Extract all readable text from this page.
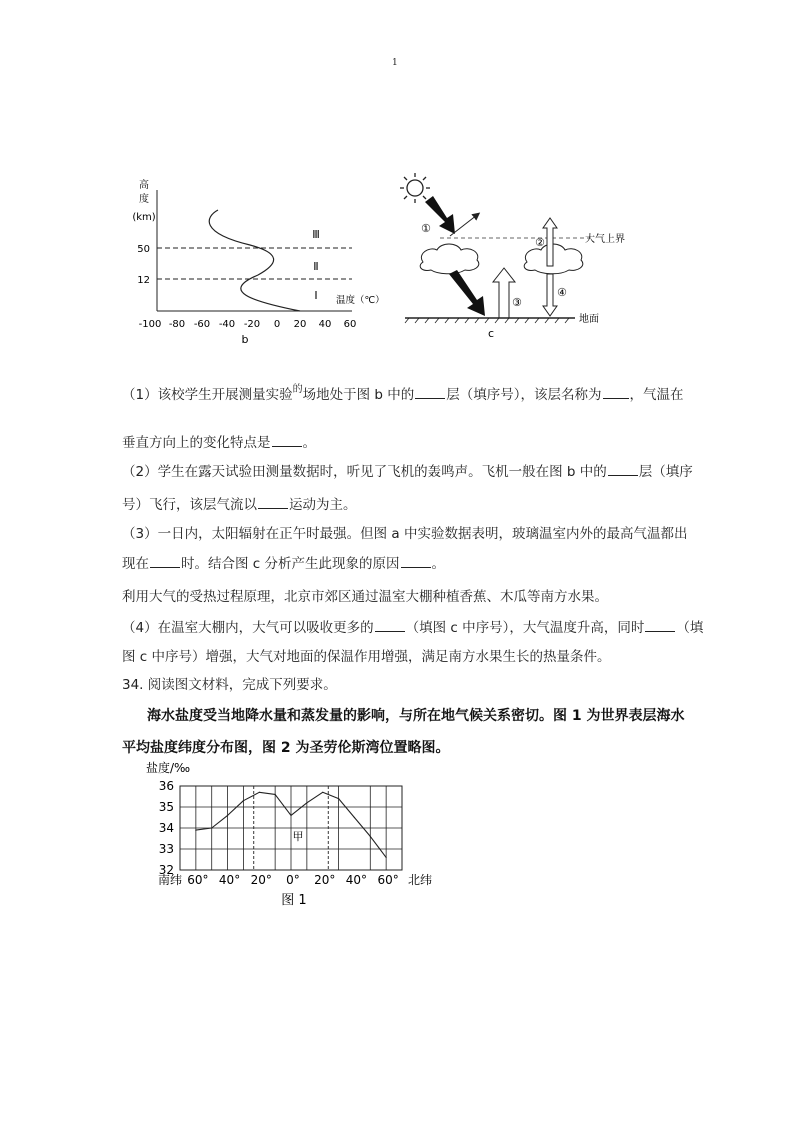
1
高
度
(km)
50
12
Ⅲ
Ⅱ
Ⅰ 温度（℃）
-100 -80 -60 -40 -20 0 20 40 60
b
大气上界
①
③
②
④
地面
c
（1）该校学生开展测量实验$^的$场地处于图 b 中的 层（填序号），该层名称为 ，气温在
垂直方向上的变化特点是 。
（2）学生在露天试验田测量数据时，听见了飞机的轰鸣声。飞机一般在图 b 中的 层（填序
号）飞行，该层气流以 运动为主。
（3）一日内，太阳辐射在正午时最强。但图 a 中实验数据表明，玻璃温室内外的最高气温都出
现在 时。结合图 c 分析产生此现象的原因 。
利用大气的受热过程原理，北京市郊区通过温室大棚种植香蕉、木瓜等南方水果。
（4）在温室大棚内，大气可以吸收更多的 （填图 c 中序号），大气温度升高，同时 （填
图 c 中序号）增强，大气对地面的保温作用增强，满足南方水果生长的热量条件。
34. 阅读图文材料，完成下列要求。
海水盐度受当地降水量和蒸发量的影响，与所在地气候关系密切。图 1 为世界表层海水
平均盐度纬度分布图，图 2 为圣劳伦斯湾位置略图。
盐度/‰
36
35
34
33
32
60° 40° 20° 0° 20° 40° 60°
甲
南纬	北纬
图 1
